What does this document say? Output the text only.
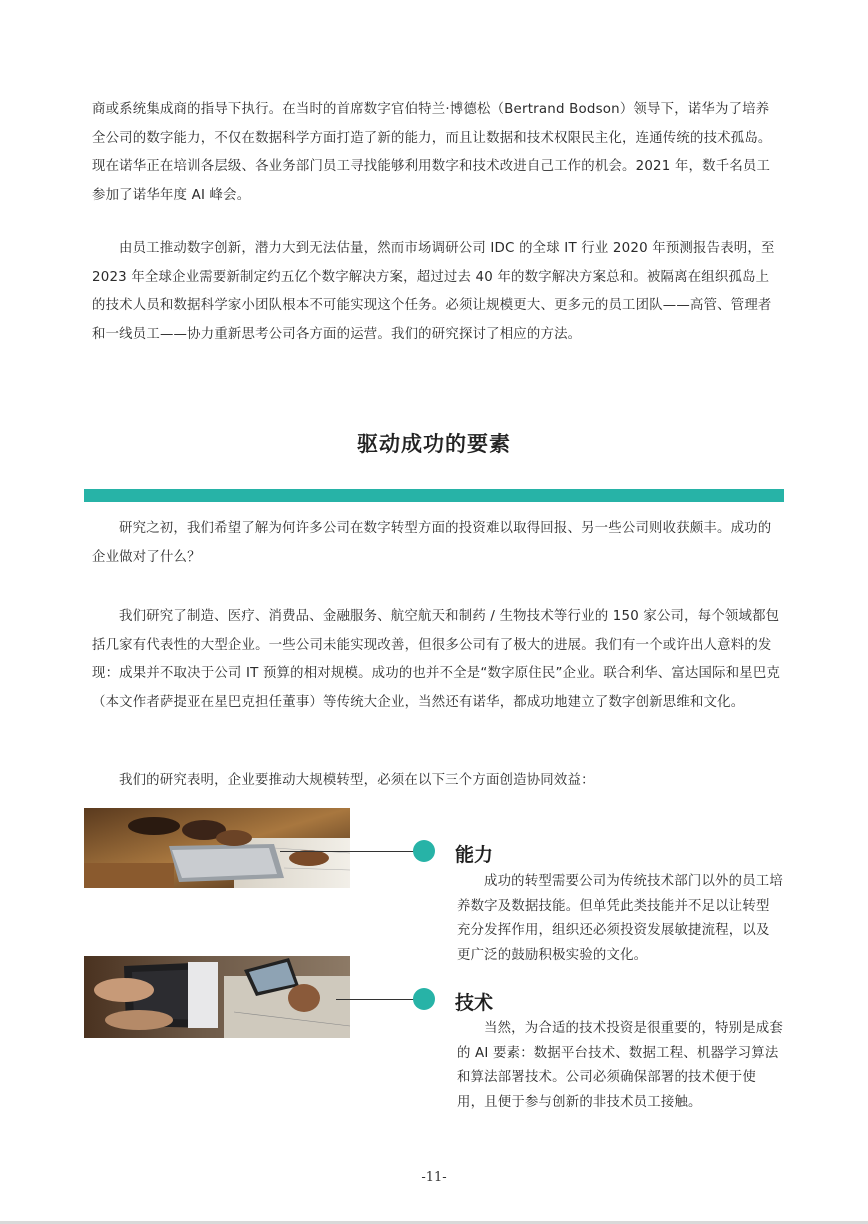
商或系统集成商的指导下执行。在当时的首席数字官伯特兰·博德松（Bertrand Bodson）领导下，诺华为了培养全公司的数字能力，不仅在数据科学方面打造了新的能力，而且让数据和技术权限民主化，连通传统的技术孤岛。现在诺华正在培训各层级、各业务部门员工寻找能够利用数字和技术改进自己工作的机会。2021 年，数千名员工参加了诺华年度 AI 峰会。

由员工推动数字创新，潜力大到无法估量，然而市场调研公司 IDC 的全球 IT 行业 2020 年预测报告表明，至 2023 年全球企业需要新制定约五亿个数字解决方案，超过过去 40 年的数字解决方案总和。被隔离在组织孤岛上的技术人员和数据科学家小团队根本不可能实现这个任务。必须让规模更大、更多元的员工团队——高管、管理者和一线员工——协力重新思考公司各方面的运营。我们的研究探讨了相应的方法。

驱动成功的要素

研究之初，我们希望了解为何许多公司在数字转型方面的投资难以取得回报、另一些公司则收获颇丰。成功的企业做对了什么？

我们研究了制造、医疗、消费品、金融服务、航空航天和制药 / 生物技术等行业的 150 家公司，每个领域都包括几家有代表性的大型企业。一些公司未能实现改善，但很多公司有了极大的进展。我们有一个或许出人意料的发现：成果并不取决于公司 IT 预算的相对规模。成功的也并不全是“数字原住民”企业。联合利华、富达国际和星巴克（本文作者萨提亚在星巴克担任董事）等传统大企业，当然还有诺华，都成功地建立了数字创新思维和文化。

我们的研究表明，企业要推动大规模转型，必须在以下三个方面创造协同效益：

能力

成功的转型需要公司为传统技术部门以外的员工培养数字及数据技能。但单凭此类技能并不足以让转型充分发挥作用，组织还必须投资发展敏捷流程，以及更广泛的鼓励积极实验的文化。

技术

当然，为合适的技术投资是很重要的，特别是成套的 AI 要素：数据平台技术、数据工程、机器学习算法和算法部署技术。公司必须确保部署的技术便于使用，且便于参与创新的非技术员工接触。

-11-
